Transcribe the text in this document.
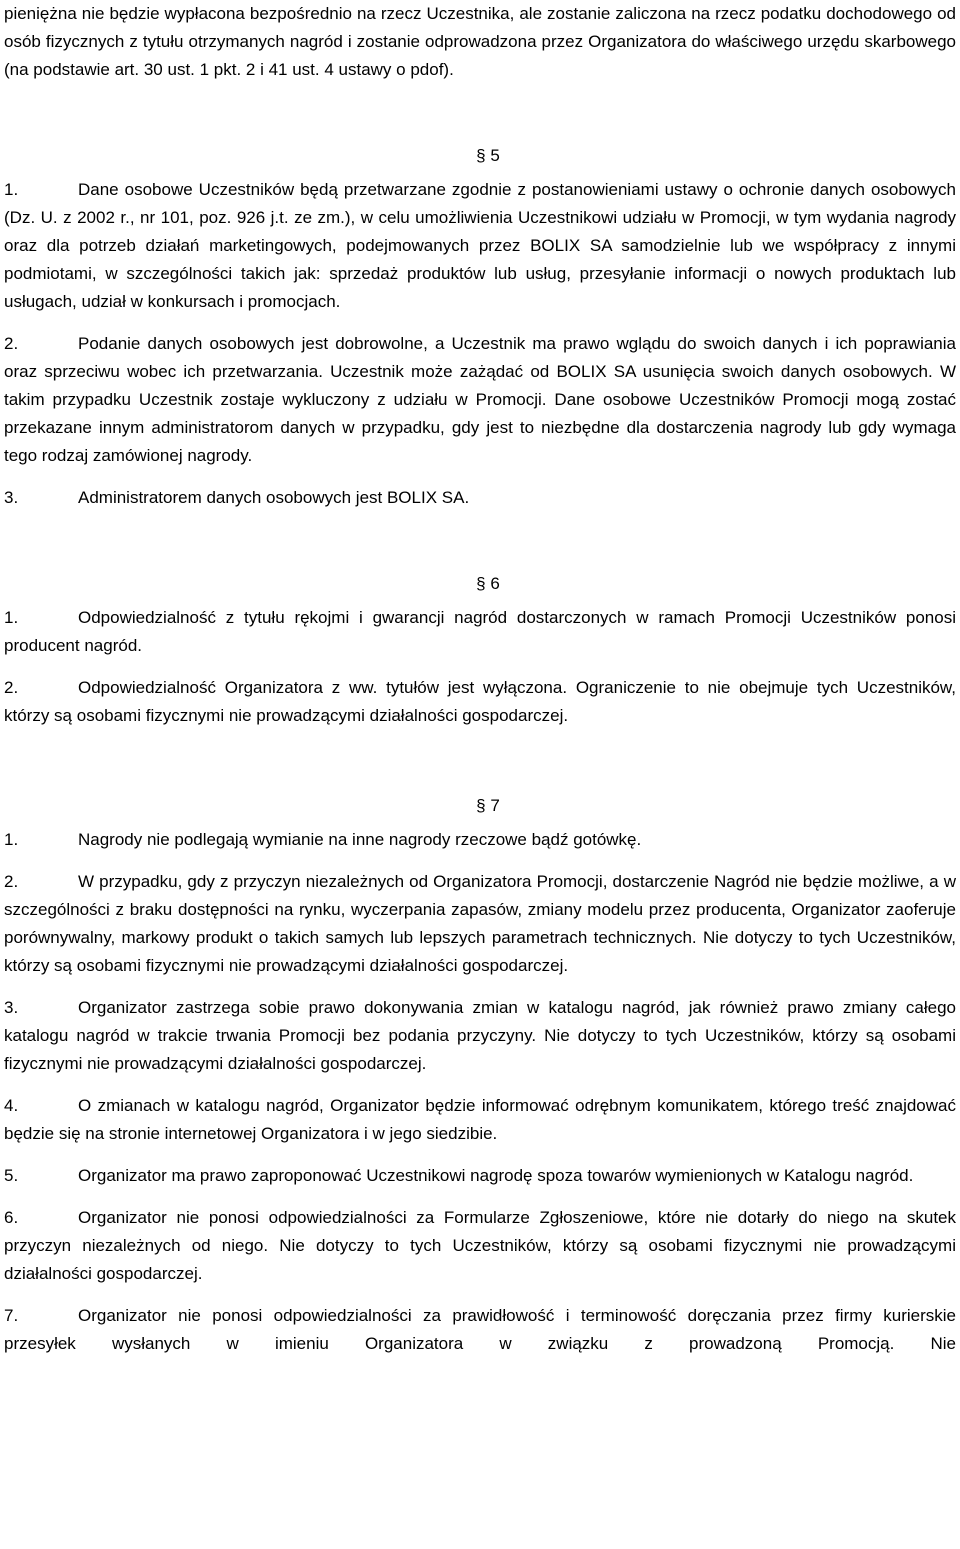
pieniężna nie będzie wypłacona bezpośrednio na rzecz Uczestnika, ale zostanie zaliczona na rzecz podatku dochodowego od osób fizycznych z tytułu otrzymanych nagród i zostanie odprowadzona przez Organizatora do właściwego urzędu skarbowego (na podstawie art. 30 ust. 1 pkt. 2 i 41 ust. 4 ustawy o pdof).

§ 5

1.	Dane osobowe Uczestników będą przetwarzane zgodnie z postanowieniami ustawy o ochronie danych osobowych (Dz. U. z 2002 r., nr 101, poz. 926 j.t. ze zm.), w celu umożliwienia Uczestnikowi udziału w Promocji, w tym wydania nagrody oraz dla potrzeb działań marketingowych, podejmowanych przez BOLIX SA samodzielnie lub we współpracy z innymi podmiotami, w szczególności takich jak: sprzedaż produktów lub usług, przesyłanie informacji o nowych produktach lub usługach, udział w konkursach i promocjach.

2.	Podanie danych osobowych jest dobrowolne, a Uczestnik ma prawo wglądu do swoich danych i ich poprawiania oraz sprzeciwu wobec ich przetwarzania. Uczestnik może zażądać od BOLIX SA usunięcia swoich danych osobowych. W takim przypadku Uczestnik zostaje wykluczony z udziału w Promocji. Dane osobowe Uczestników Promocji mogą zostać przekazane innym administratorom danych w przypadku, gdy jest to niezbędne dla dostarczenia nagrody lub gdy wymaga tego rodzaj zamówionej nagrody.

3.	Administratorem danych osobowych jest BOLIX SA.

§ 6

1.	Odpowiedzialność z tytułu rękojmi i gwarancji nagród dostarczonych w ramach Promocji Uczestników ponosi producent nagród.

2.	Odpowiedzialność Organizatora z ww. tytułów jest wyłączona. Ograniczenie to nie obejmuje tych Uczestników, którzy są osobami fizycznymi nie prowadzącymi działalności gospodarczej.

§ 7

1.	Nagrody nie podlegają wymianie na inne nagrody rzeczowe bądź gotówkę.

2.	W przypadku, gdy z przyczyn niezależnych od Organizatora Promocji, dostarczenie Nagród nie będzie możliwe, a w szczególności z braku dostępności na rynku, wyczerpania zapasów, zmiany modelu przez producenta, Organizator zaoferuje porównywalny, markowy produkt o takich samych lub lepszych parametrach technicznych. Nie dotyczy to tych Uczestników, którzy są osobami fizycznymi nie prowadzącymi działalności gospodarczej.

3.	Organizator zastrzega sobie prawo dokonywania zmian w katalogu nagród, jak również prawo zmiany całego katalogu nagród w trakcie trwania Promocji bez podania przyczyny. Nie dotyczy to tych Uczestników, którzy są osobami fizycznymi nie prowadzącymi działalności gospodarczej.

4.	O zmianach w katalogu nagród, Organizator będzie informować odrębnym komunikatem, którego treść znajdować będzie się na stronie internetowej Organizatora i w jego siedzibie.

5.	Organizator ma prawo zaproponować Uczestnikowi nagrodę spoza towarów wymienionych w Katalogu nagród.

6.	Organizator nie ponosi odpowiedzialności za Formularze Zgłoszeniowe, które nie dotarły do niego na skutek przyczyn niezależnych od niego. Nie dotyczy to tych Uczestników, którzy są osobami fizycznymi nie prowadzącymi działalności gospodarczej.

7.	Organizator nie ponosi odpowiedzialności za prawidłowość i terminowość doręczania przez firmy kurierskie przesyłek wysłanych w imieniu Organizatora w związku z prowadzoną Promocją. Nie
